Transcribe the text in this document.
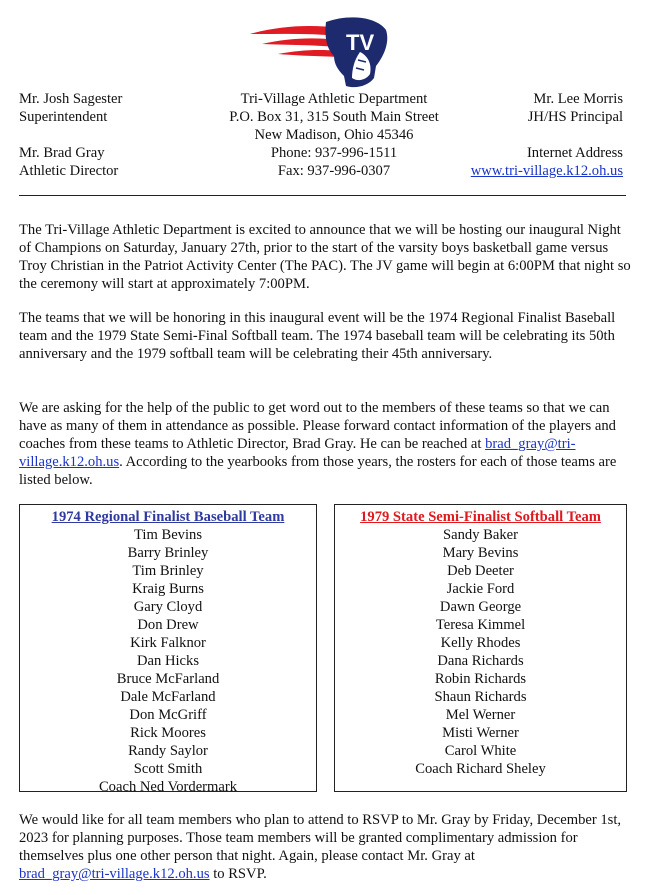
TV
Mr. Josh Sagester
Superintendent
Mr. Brad Gray
Athletic Director
Tri-Village Athletic Department
P.O. Box 31, 315 South Main Street
New Madison, Ohio 45346
Phone: 937-996-1511
Fax: 937-996-0307
Mr. Lee Morris
JH/HS Principal
Internet Address
www.tri-village.k12.oh.us
The Tri-Village Athletic Department is excited to announce that we will be hosting our inaugural Night of Champions on Saturday, January 27th, prior to the start of the varsity boys basketball game versus Troy Christian in the Patriot Activity Center (The PAC). The JV game will begin at 6:00PM that night so the ceremony will start at approximately 7:00PM.
The teams that we will be honoring in this inaugural event will be the 1974 Regional Finalist Baseball team and the 1979 State Semi-Final Softball team. The 1974 baseball team will be celebrating its 50th anniversary and the 1979 softball team will be celebrating their 45th anniversary.
We are asking for the help of the public to get word out to the members of these teams so that we can have as many of them in attendance as possible. Please forward contact information of the players and coaches from these teams to Athletic Director, Brad Gray. He can be reached at brad_gray@tri-village.k12.oh.us. According to the yearbooks from those years, the rosters for each of those teams are listed below.
1974 Regional Finalist Baseball Team
Tim Bevins
Barry Brinley
Tim Brinley
Kraig Burns
Gary Cloyd
Don Drew
Kirk Falknor
Dan Hicks
Bruce McFarland
Dale McFarland
Don McGriff
Rick Moores
Randy Saylor
Scott Smith
Coach Ned Vordermark
1979 State Semi-Finalist Softball Team
Sandy Baker
Mary Bevins
Deb Deeter
Jackie Ford
Dawn George
Teresa Kimmel
Kelly Rhodes
Dana Richards
Robin Richards
Shaun Richards
Mel Werner
Misti Werner
Carol White
Coach Richard Sheley
We would like for all team members who plan to attend to RSVP to Mr. Gray by Friday, December 1st, 2023 for planning purposes. Those team members will be granted complimentary admission for themselves plus one other person that night. Again, please contact Mr. Gray at
brad_gray@tri-village.k12.oh.us to RSVP.
